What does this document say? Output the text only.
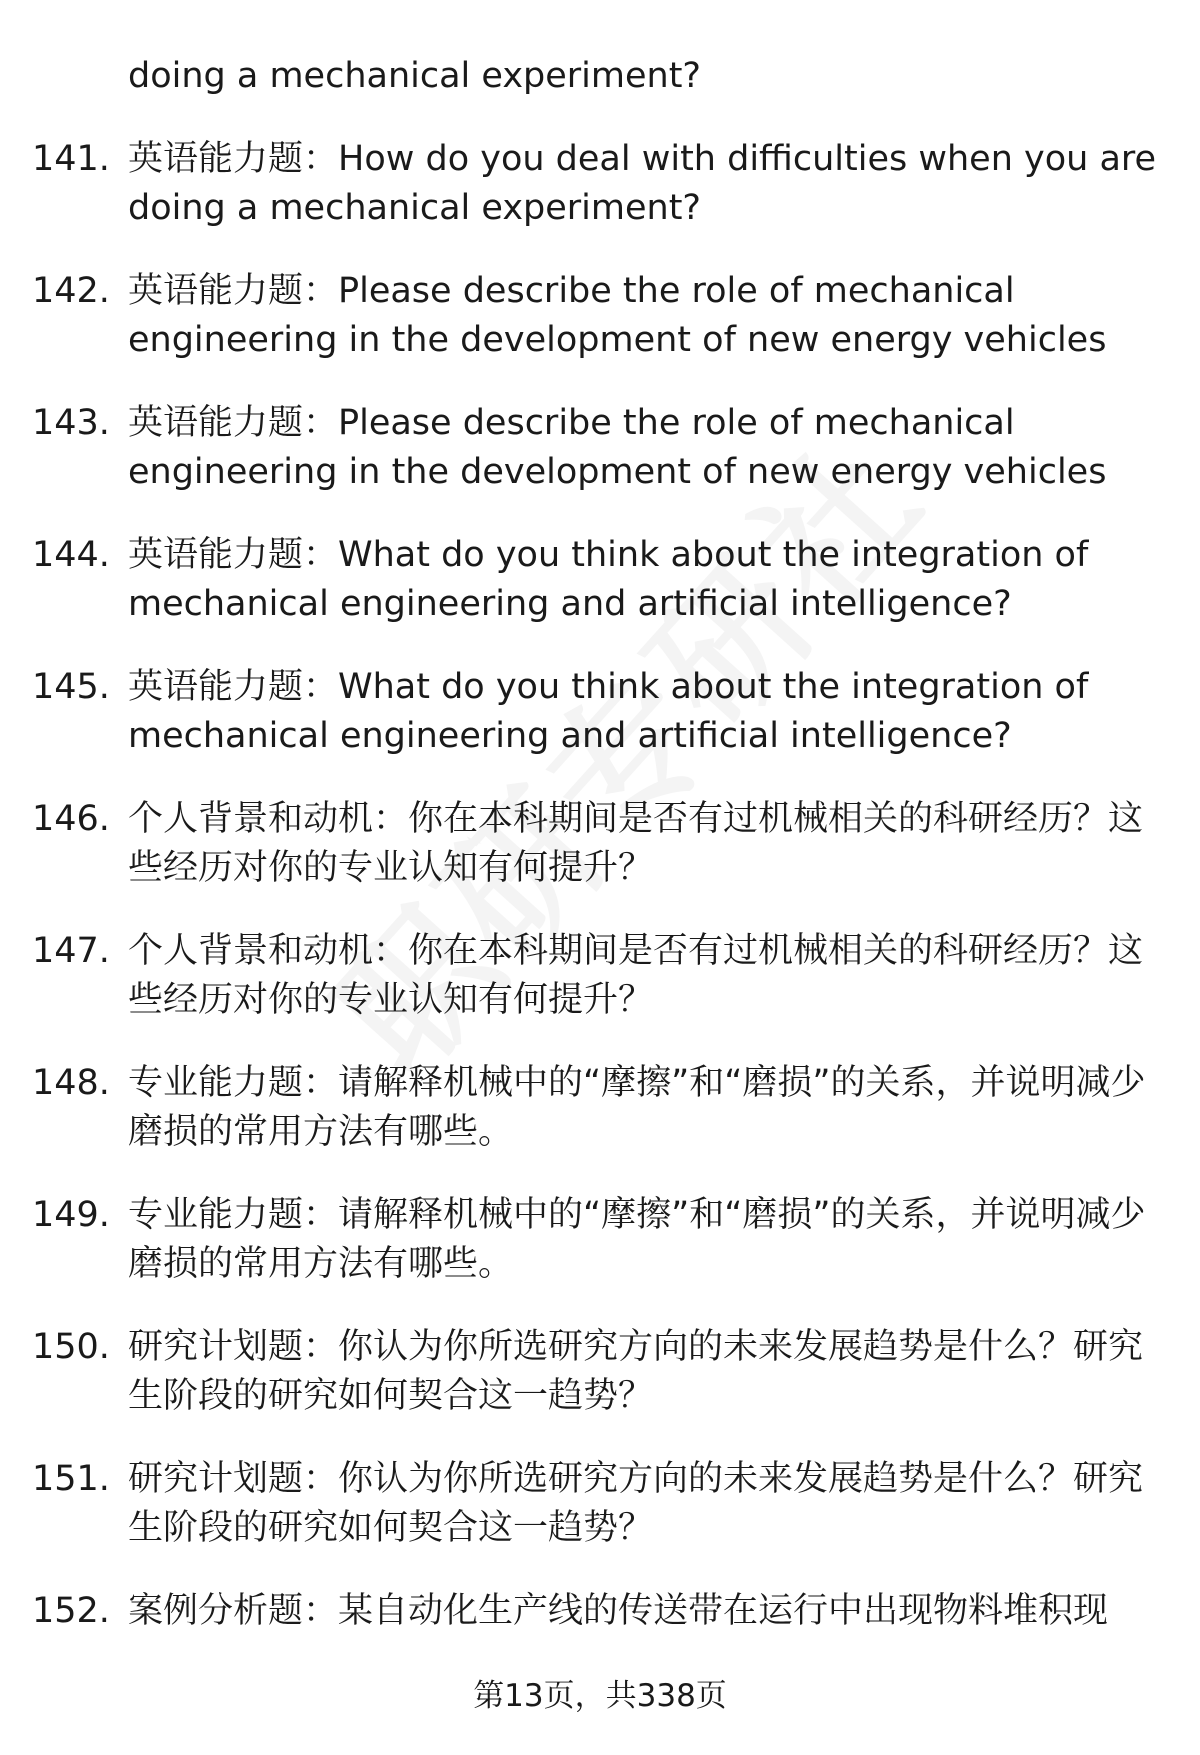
doing a mechanical experiment?
141. 英语能力题：How do you deal with difficulties when you are doing a mechanical experiment?
142. 英语能力题：Please describe the role of mechanical engineering in the development of new energy vehicles
143. 英语能力题：Please describe the role of mechanical engineering in the development of new energy vehicles
144. 英语能力题：What do you think about the integration of mechanical engineering and artificial intelligence?
145. 英语能力题：What do you think about the integration of mechanical engineering and artificial intelligence?
146. 个人背景和动机：你在本科期间是否有过机械相关的科研经历？这些经历对你的专业认知有何提升？
147. 个人背景和动机：你在本科期间是否有过机械相关的科研经历？这些经历对你的专业认知有何提升？
148. 专业能力题：请解释机械中的“摩擦”和“磨损”的关系，并说明减少磨损的常用方法有哪些。
149. 专业能力题：请解释机械中的“摩擦”和“磨损”的关系，并说明减少磨损的常用方法有哪些。
150. 研究计划题：你认为你所选研究方向的未来发展趋势是什么？研究生阶段的研究如何契合这一趋势？
151. 研究计划题：你认为你所选研究方向的未来发展趋势是什么？研究生阶段的研究如何契合这一趋势？
152. 案例分析题：某自动化生产线的传送带在运行中出现物料堆积现
第13页，共338页
